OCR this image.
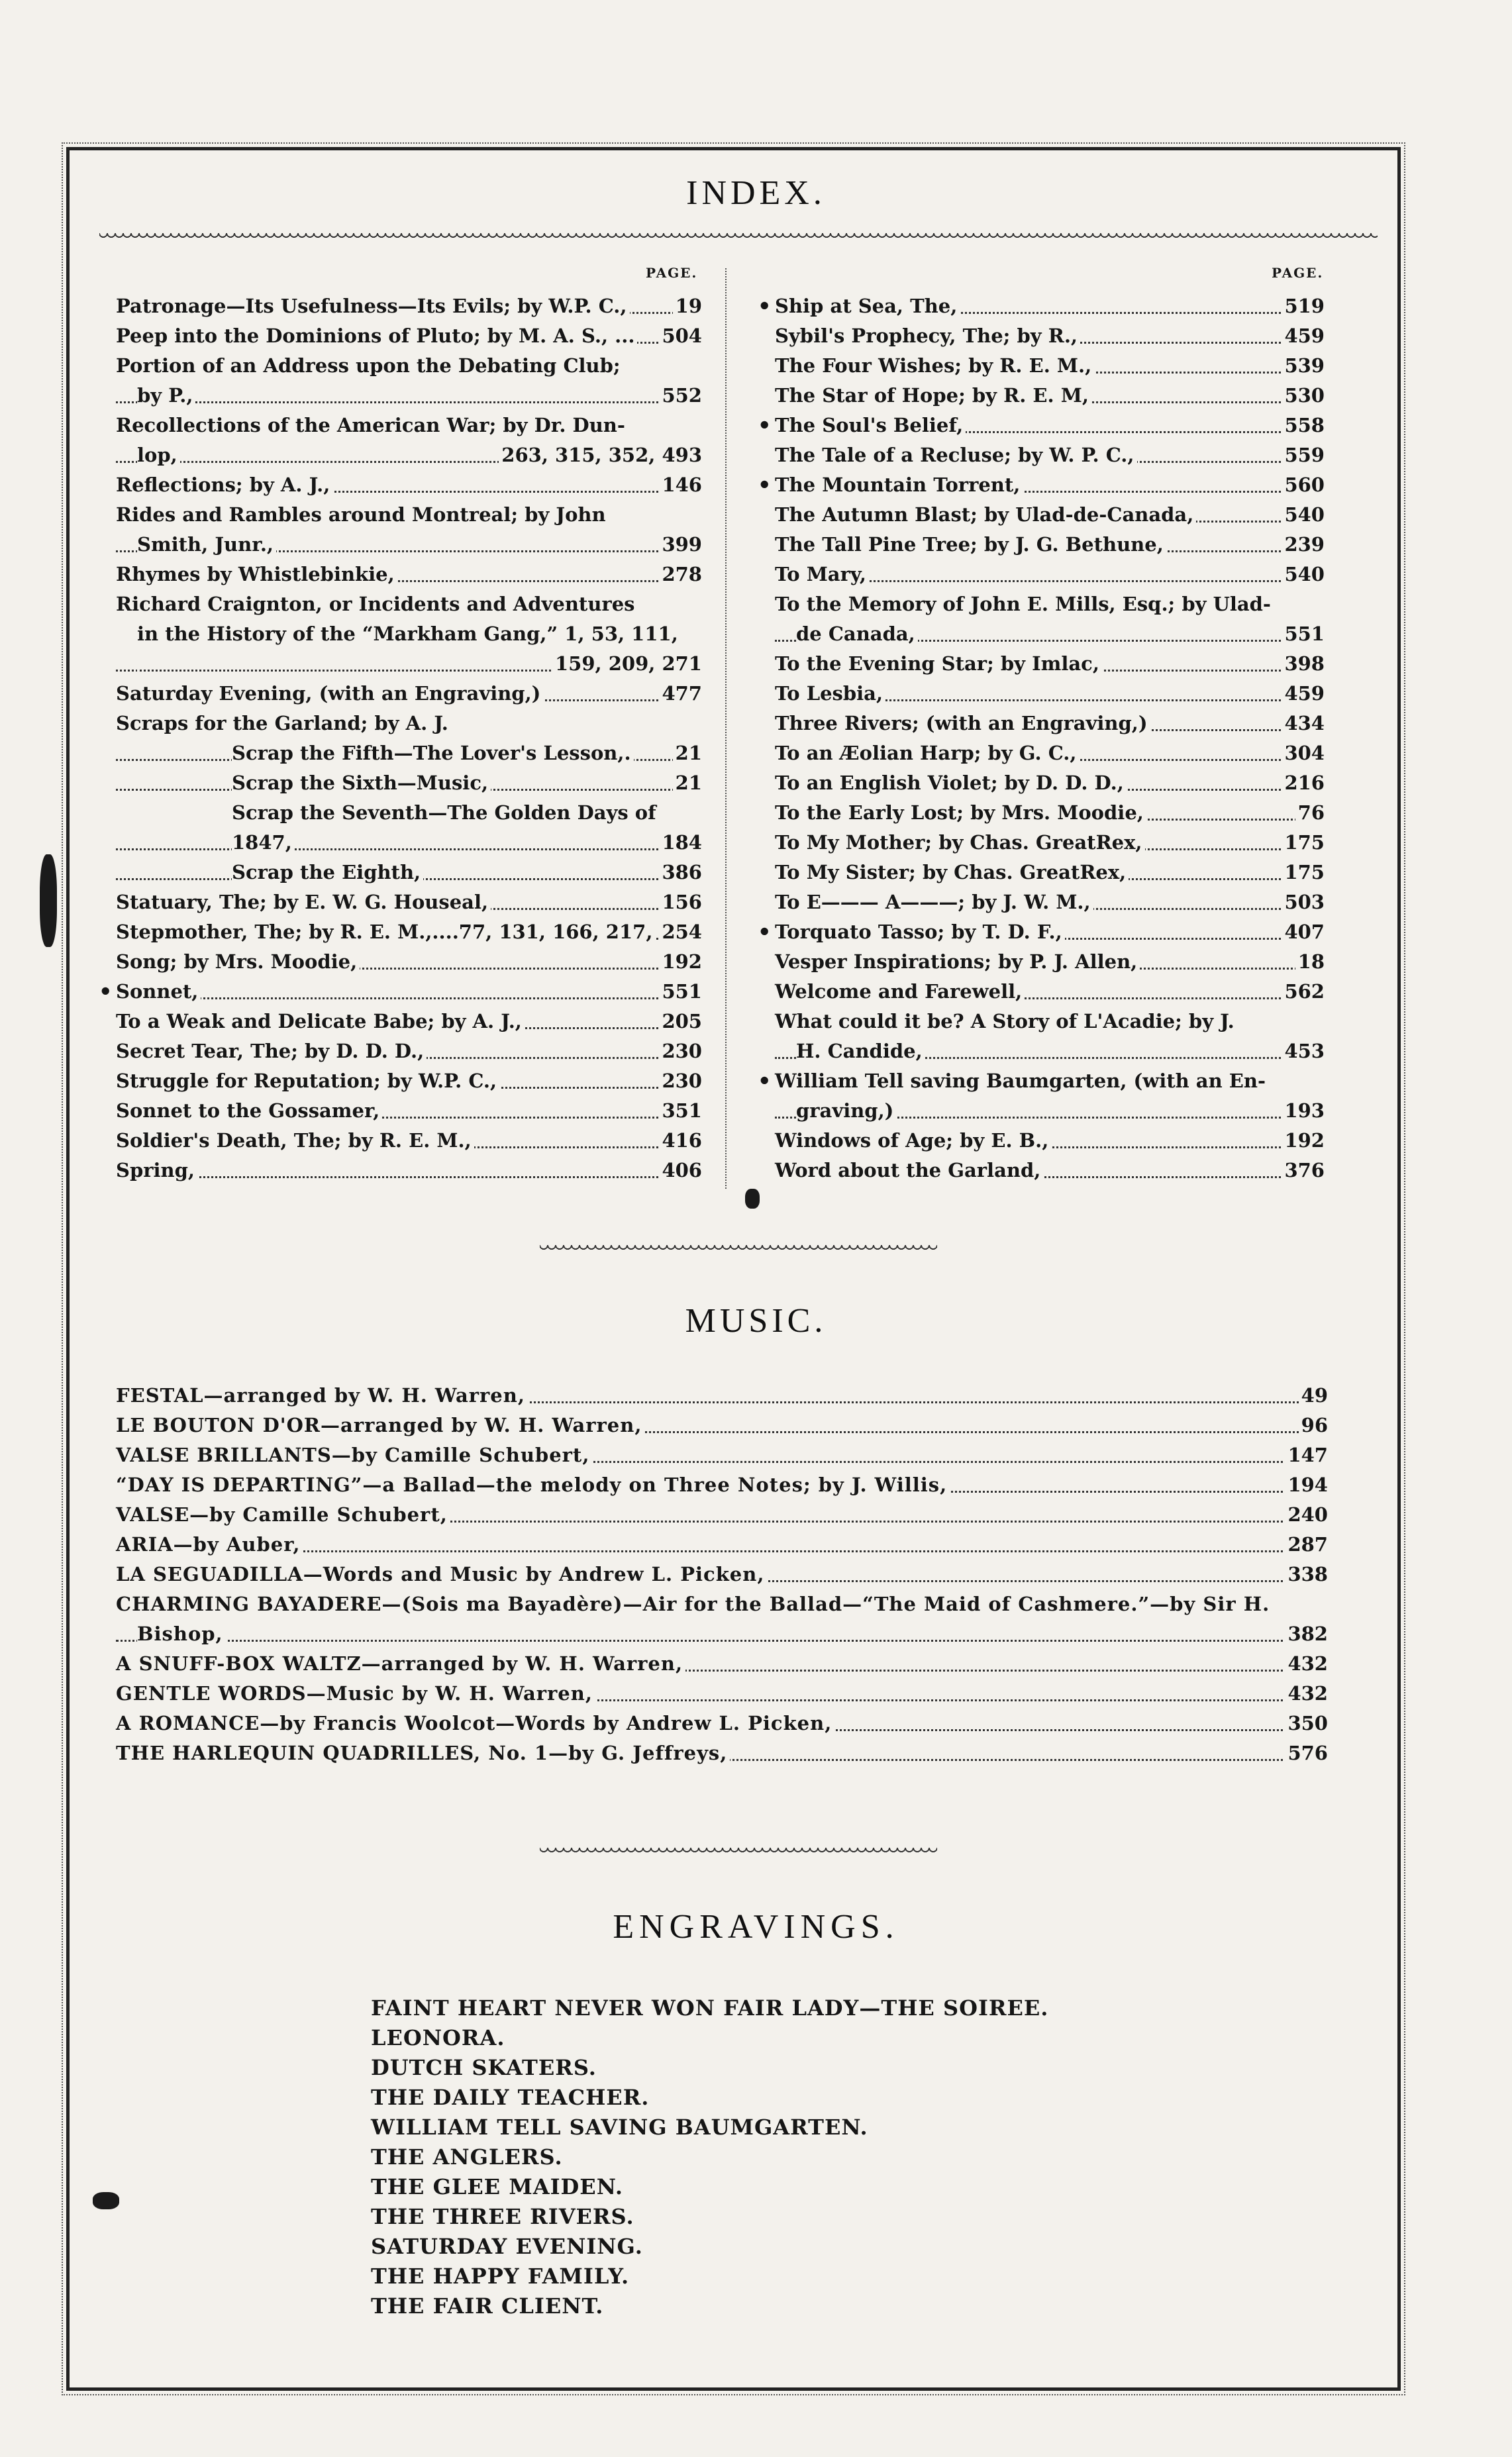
INDEX.
PAGE.	PAGE.
Patronage—Its Usefulness—Its Evils; by W.P. C.,	19
Peep into the Dominions of Pluto; by M. A. S., ...	504
Portion of an Address upon the Debating Club;
by P.,	552
Recollections of the American War; by Dr. Dun-
lop,	263, 315, 352, 493
Reflections; by A. J.,	146
Rides and Rambles around Montreal; by John
Smith, Junr.,	399
Rhymes by Whistlebinkie,	278
Richard Craignton, or Incidents and Adventures
in the History of the “Markham Gang,” 1, 53, 111,
159, 209, 271
Saturday Evening, (with an Engraving,)	477
Scraps for the Garland; by A. J.
Scrap the Fifth—The Lover's Lesson,.	21
Scrap the Sixth—Music,	21
Scrap the Seventh—The Golden Days of
1847,	184
Scrap the Eighth,	386
Statuary, The; by E. W. G. Houseal,	156
Stepmother, The; by R. E. M.,....77, 131, 166, 217, 254
Song; by Mrs. Moodie,	192
• Sonnet,	551
To a Weak and Delicate Babe; by A. J.,	205
Secret Tear, The; by D. D. D.,	230
Struggle for Reputation; by W.P. C.,	230
Sonnet to the Gossamer,	351
Soldier's Death, The; by R. E. M.,	416
Spring,	406
• Ship at Sea, The,	519
Sybil's Prophecy, The; by R.,	459
The Four Wishes; by R. E. M.,	539
The Star of Hope; by R. E. M,	530
• The Soul's Belief,	558
The Tale of a Recluse; by W. P. C.,	559
• The Mountain Torrent,	560
The Autumn Blast; by Ulad-de-Canada,	540
The Tall Pine Tree; by J. G. Bethune,	239
To Mary,	540
To the Memory of John E. Mills, Esq.; by Ulad-
de Canada,	551
To the Evening Star; by Imlac,	398
To Lesbia,	459
Three Rivers; (with an Engraving,)	434
To an Æolian Harp; by G. C.,	304
To an English Violet; by D. D. D.,	216
To the Early Lost; by Mrs. Moodie,	76
To My Mother; by Chas. GreatRex,	175
To My Sister; by Chas. GreatRex,	175
To E——— A———; by J. W. M.,	503
• Torquato Tasso; by T. D. F.,	407
Vesper Inspirations; by P. J. Allen,	18
Welcome and Farewell,	562
What could it be? A Story of L'Acadie; by J.
H. Candide,	453
• William Tell saving Baumgarten, (with an En-
graving,)	193
Windows of Age; by E. B.,	192
Word about the Garland,	376
MUSIC.
FESTAL—arranged by W. H. Warren,	49
LE BOUTON D'OR—arranged by W. H. Warren,	96
VALSE BRILLANTS—by Camille Schubert,	147
“DAY IS DEPARTING”—a Ballad—the melody on Three Notes; by J. Willis,	194
VALSE—by Camille Schubert,	240
ARIA—by Auber,	287
LA SEGUADILLA—Words and Music by Andrew L. Picken,	338
CHARMING BAYADERE—(Sois ma Bayadère)—Air for the Ballad—“The Maid of Cashmere.”—by Sir H.
Bishop,	382
A SNUFF-BOX WALTZ—arranged by W. H. Warren,	432
GENTLE WORDS—Music by W. H. Warren,	432
A ROMANCE—by Francis Woolcot—Words by Andrew L. Picken,	350
THE HARLEQUIN QUADRILLES, No. 1—by G. Jeffreys,	576
ENGRAVINGS.
FAINT HEART NEVER WON FAIR LADY—THE SOIREE.
LEONORA.
DUTCH SKATERS.
THE DAILY TEACHER.
WILLIAM TELL SAVING BAUMGARTEN.
THE ANGLERS.
THE GLEE MAIDEN.
THE THREE RIVERS.
SATURDAY EVENING.
THE HAPPY FAMILY.
THE FAIR CLIENT.
